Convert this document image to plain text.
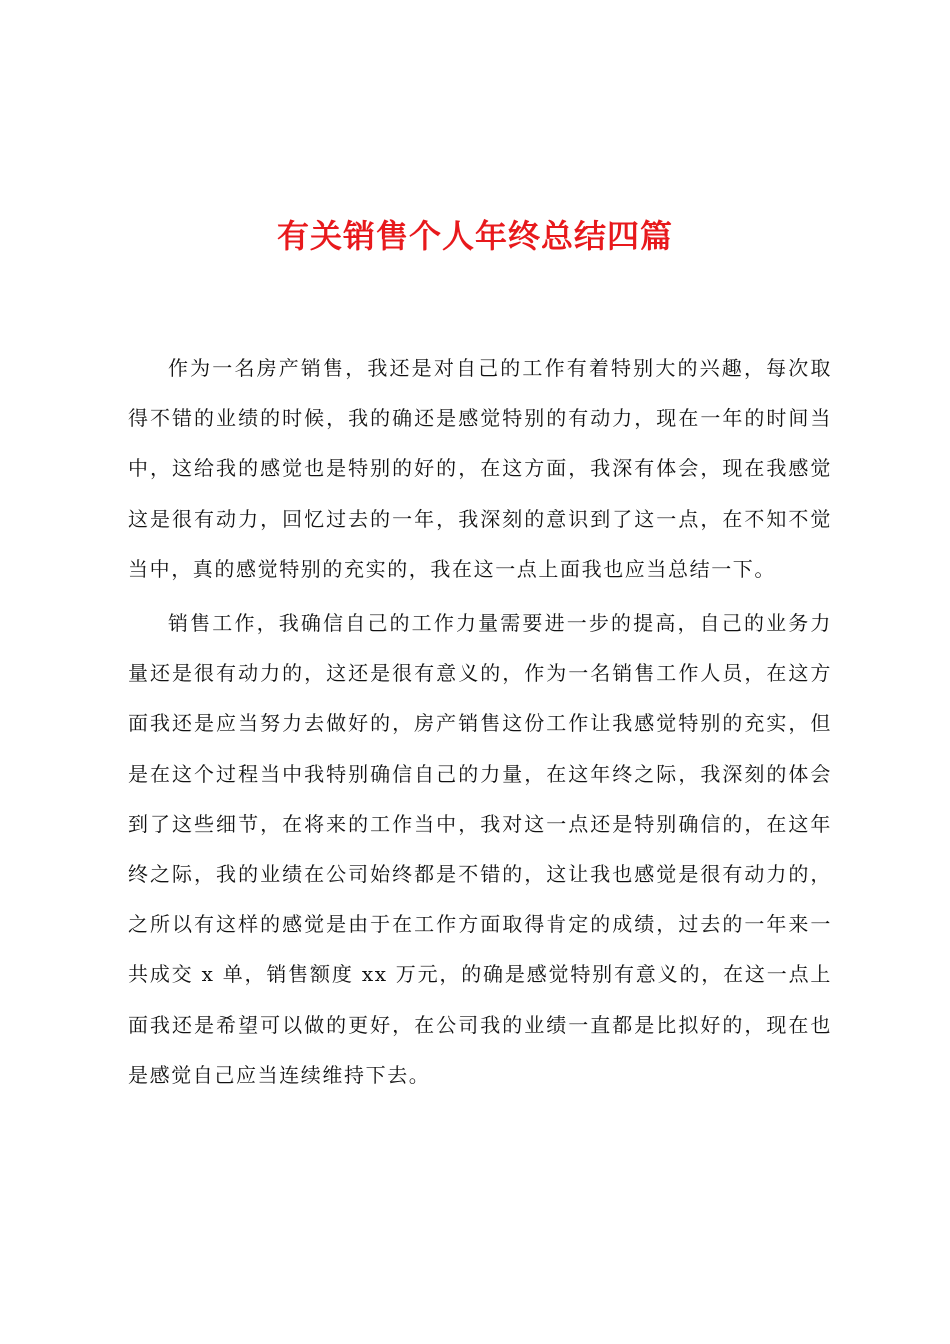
有关销售个人年终总结四篇

作为一名房产销售，我还是对自己的工作有着特别大的兴趣，每次取得不错的业绩的时候，我的确还是感觉特别的有动力，现在一年的时间当中，这给我的感觉也是特别的好的，在这方面，我深有体会，现在我感觉这是很有动力，回忆过去的一年，我深刻的意识到了这一点，在不知不觉当中，真的感觉特别的充实的，我在这一点上面我也应当总结一下。

销售工作，我确信自己的工作力量需要进一步的提高，自己的业务力量还是很有动力的，这还是很有意义的，作为一名销售工作人员，在这方面我还是应当努力去做好的，房产销售这份工作让我感觉特别的充实，但是在这个过程当中我特别确信自己的力量，在这年终之际，我深刻的体会到了这些细节，在将来的工作当中，我对这一点还是特别确信的，在这年终之际，我的业绩在公司始终都是不错的，这让我也感觉是很有动力的，之所以有这样的感觉是由于在工作方面取得肯定的成绩，过去的一年来一共成交 x 单，销售额度 xx 万元，的确是感觉特别有意义的，在这一点上面我还是希望可以做的更好，在公司我的业绩一直都是比拟好的，现在也是感觉自己应当连续维持下去。
